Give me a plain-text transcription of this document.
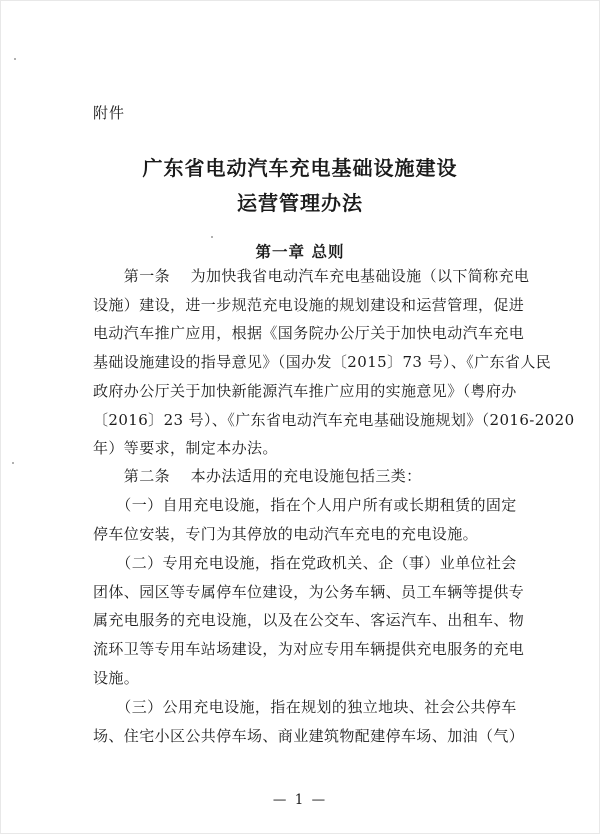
附件
广东省电动汽车充电基础设施建设
运营管理办法
第一章 总则
　　第一条　 为加快我省电动汽车充电基础设施（以下简称充电
设施）建设，进一步规范充电设施的规划建设和运营管理，促进
电动汽车推广应用，根据《国务院办公厅关于加快电动汽车充电
基础设施建设的指导意见》（国办发〔2015〕73 号）、《广东省人民
政府办公厅关于加快新能源汽车推广应用的实施意见》（粤府办
〔2016〕23 号）、《广东省电动汽车充电基础设施规划》（2016-2020
年）等要求，制定本办法。
　　第二条　 本办法适用的充电设施包括三类：
　　（一）自用充电设施，指在个人用户所有或长期租赁的固定
停车位安装，专门为其停放的电动汽车充电的充电设施。
　　（二）专用充电设施，指在党政机关、企（事）业单位社会
团体、园区等专属停车位建设，为公务车辆、员工车辆等提供专
属充电服务的充电设施，以及在公交车、客运汽车、出租车、物
流环卫等专用车站场建设，为对应专用车辆提供充电服务的充电
设施。
　　（三）公用充电设施，指在规划的独立地块、社会公共停车
场、住宅小区公共停车场、商业建筑物配建停车场、加油（气）
— 1 —
